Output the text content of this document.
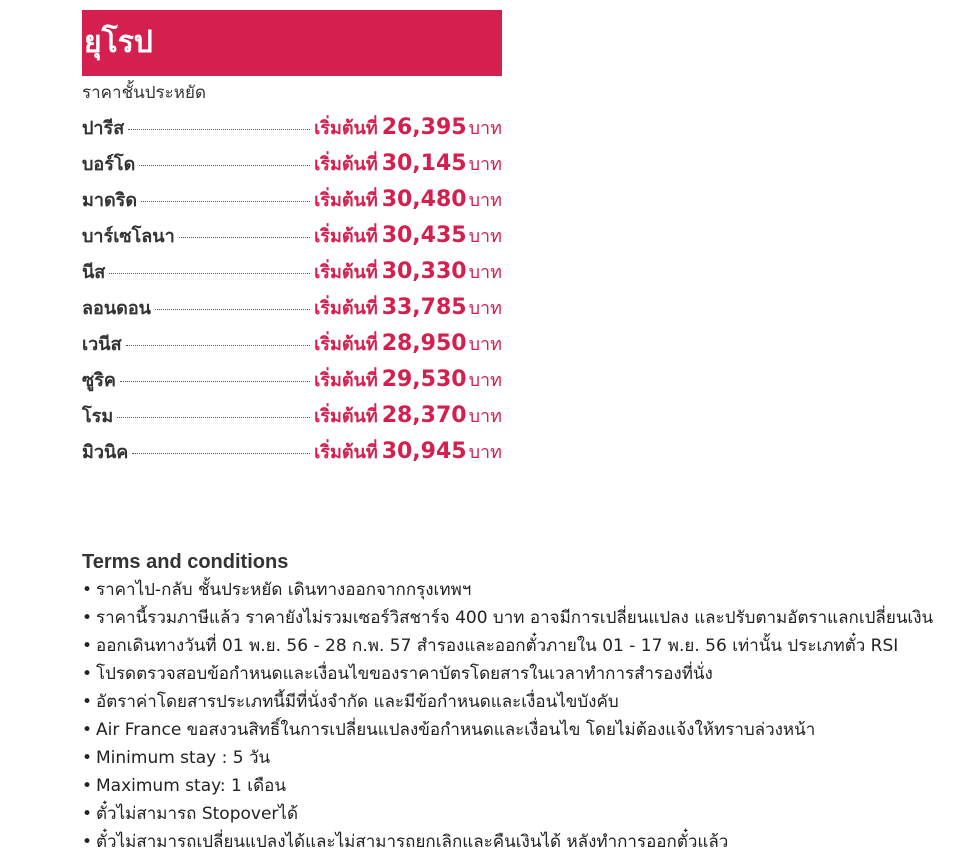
ยุโรป
ราคาชั้นประหยัด
ปารีส	เริ่มต้นที่ 26,395 บาท
บอร์โด	เริ่มต้นที่ 30,145 บาท
มาดริด	เริ่มต้นที่ 30,480 บาท
บาร์เซโลนา	เริ่มต้นที่ 30,435 บาท
นีส	เริ่มต้นที่ 30,330 บาท
ลอนดอน	เริ่มต้นที่ 33,785 บาท
เวนีส	เริ่มต้นที่ 28,950 บาท
ซูริค	เริ่มต้นที่ 29,530 บาท
โรม	เริ่มต้นที่ 28,370 บาท
มิวนิค	เริ่มต้นที่ 30,945 บาท
Terms and conditions
• ราคาไป-กลับ ชั้นประหยัด เดินทางออกจากกรุงเทพฯ
• ราคานี้รวมภาษีแล้ว ราคายังไม่รวมเซอร์วิสชาร์จ 400 บาท อาจมีการเปลี่ยนแปลง และปรับตามอัตราแลกเปลี่ยนเงิน
• ออกเดินทางวันที่ 01 พ.ย. 56 - 28 ก.พ. 57 สำรองและออกตั๋วภายใน 01 - 17 พ.ย. 56 เท่านั้น ประเภทตั๋ว RSI
• โปรดตรวจสอบข้อกำหนดและเงื่อนไขของราคาบัตรโดยสารในเวลาทำการสำรองที่นั่ง
• อัตราค่าโดยสารประเภทนี้มีที่นั่งจำกัด และมีข้อกำหนดและเงื่อนไขบังคับ
• Air France ขอสงวนสิทธิ์ในการเปลี่ยนแปลงข้อกำหนดและเงื่อนไข โดยไม่ต้องแจ้งให้ทราบล่วงหน้า
• Minimum stay : 5 วัน
• Maximum stay: 1 เดือน
• ตั๋วไม่สามารถ Stopoverได้
• ตั๋วไม่สามารถเปลี่ยนแปลงได้และไม่สามารถยกเลิกและคืนเงินได้ หลังทำการออกตั๋วแล้ว
